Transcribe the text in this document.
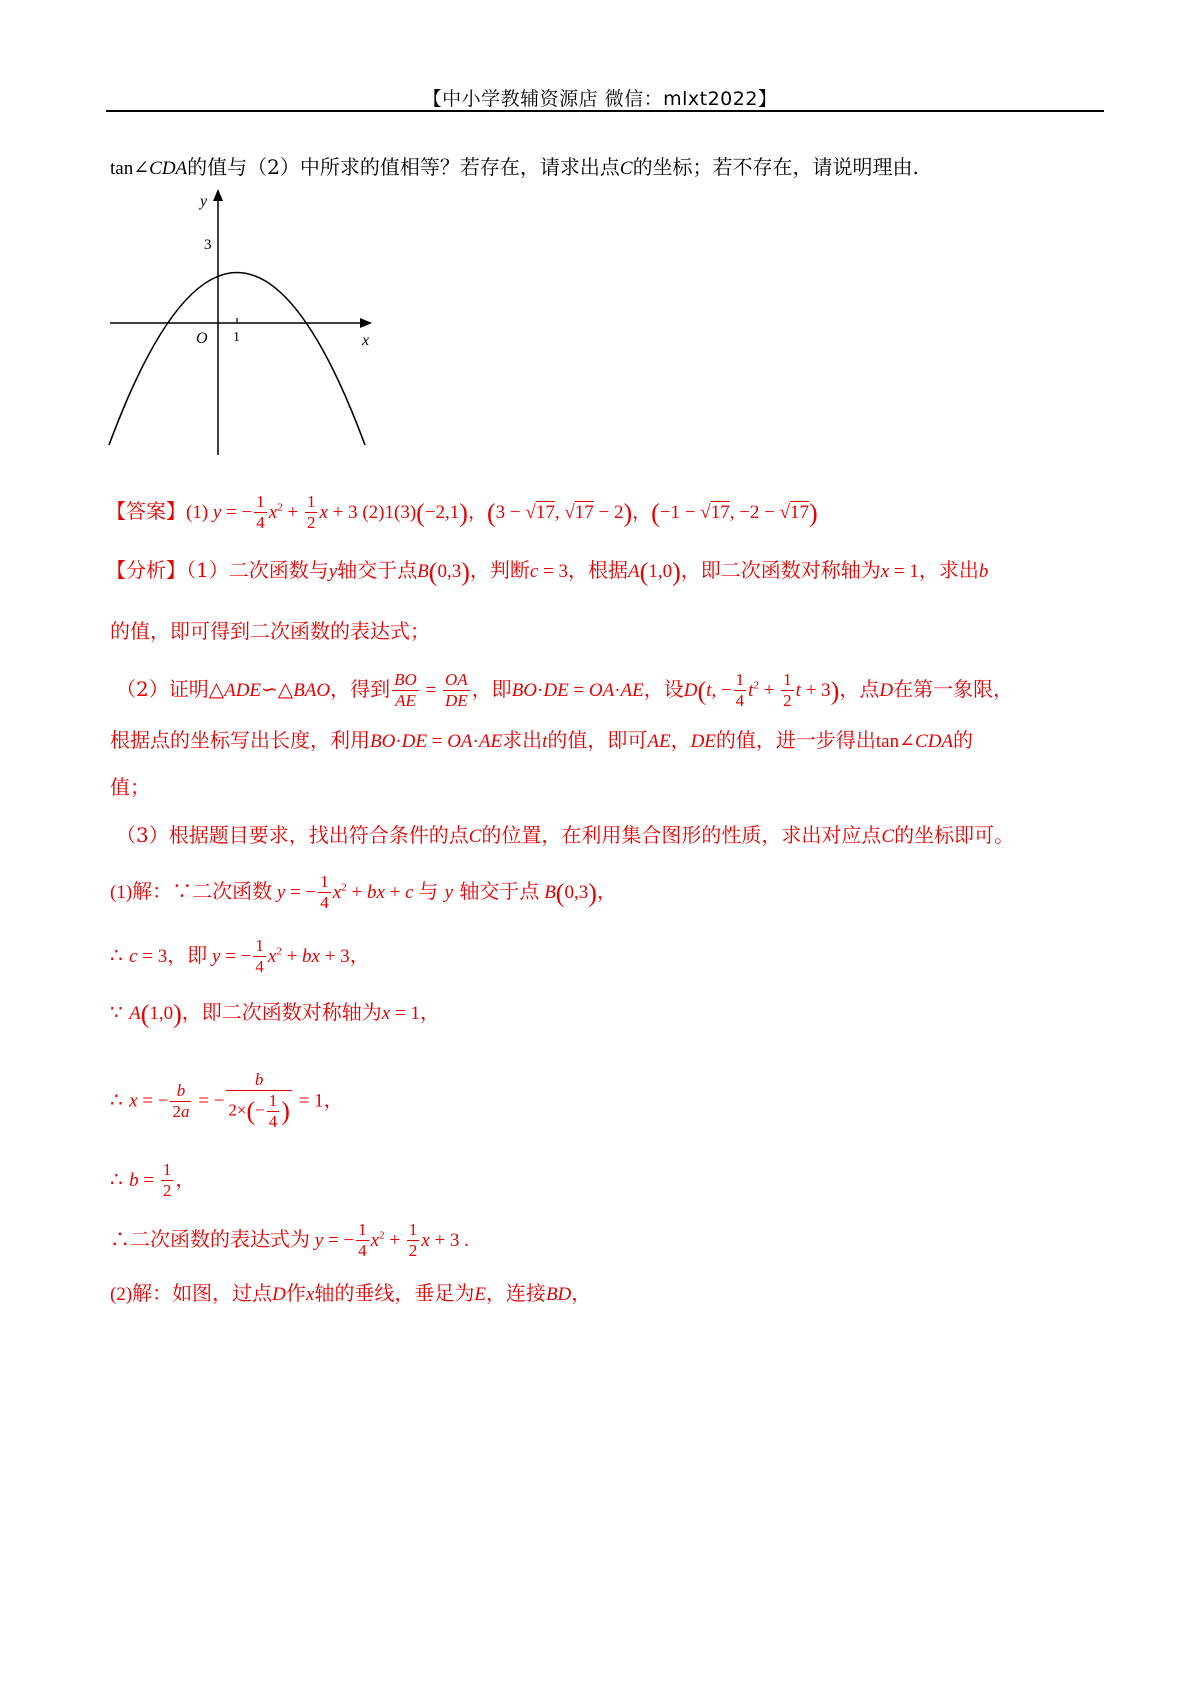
【中小学教辅资源店 微信：mlxt2022】
tan∠CDA的值与（2）中所求的值相等？若存在，请求出点C的坐标；若不存在，请说明理由.
y
x
O 1
3
【答案】(1) y = − $\frac{1}{4} x^2 + \frac{1}{2}$ x + 3 (2)1(3)(−2,1)，(3 − √17, √17 − 2)，(−1 − √17, −2 − √17)
【分析】（1）二次函数与y轴交于点B(0,3)，判断c = 3，根据A(1,0)，即二次函数对称轴为x = 1，求出b
的值，即可得到二次函数的表达式；
（2）证明△ADE∽△BAO，得到 $\frac{BO}{AE} = \frac{OA}{DE}$ ，即BO·DE = OA·AE，设D(t, − $\frac{1}{4} t^2 + \frac{1}{2}$ t + 3)，点D在第一象限，
根据点的坐标写出长度，利用BO·DE = OA·AE求出t的值，即可AE，DE的值，进一步得出tan∠CDA的
值；
（3）根据题目要求，找出符合条件的点C的位置，在利用集合图形的性质，求出对应点C的坐标即可。
(1)解：∵二次函数 y = − $\frac{1}{4} x^2$ + bx + c 与 y 轴交于点 B(0,3)，
∴ c = 3，即 y = − $\frac{1}{4} x^2$ + bx + 3，
∵ A(1,0)，即二次函数对称轴为x = 1，
∴ x = − $\frac{b}{2a}$ = − $\frac{b}{2\times(- \frac{1}{4} )} = 1$，
∴ $b = \frac{1}{2}$ ，
∴二次函数的表达式为 y = − $\frac{1}{4} x^2 + \frac{1}{2}$ x + 3 .
(2)解：如图，过点D作x轴的垂线，垂足为E，连接BD，
